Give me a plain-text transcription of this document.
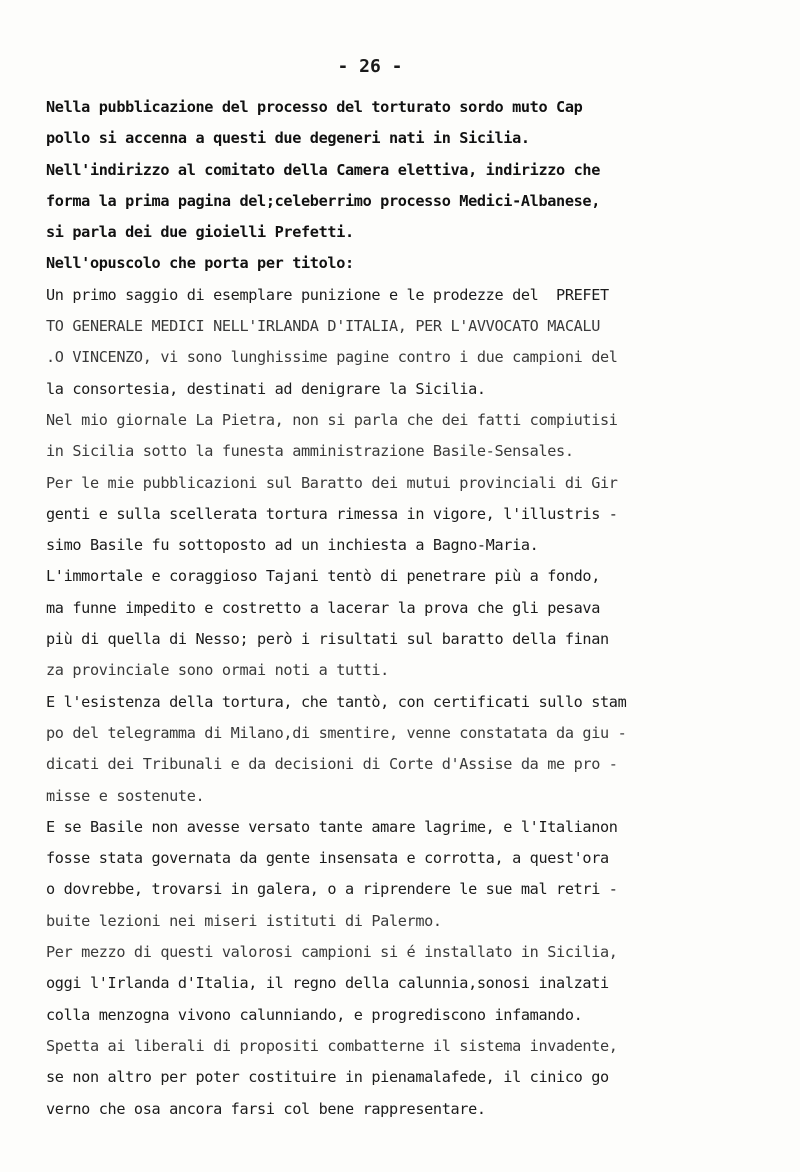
- 26 -
Nella pubblicazione del processo del torturato sordo muto Cap
pollo si accenna a questi due degeneri nati in Sicilia.
Nell'indirizzo al comitato della Camera elettiva, indirizzo che
forma la prima pagina del;celeberrimo processo Medici-Albanese,
si parla dei due gioielli Prefetti.
Nell'opuscolo che porta per titolo:
Un primo saggio di esemplare punizione e le prodezze del  PREFET
TO GENERALE MEDICI NELL'IRLANDA D'ITALIA, PER L'AVVOCATO MACALU
.O VINCENZO, vi sono lunghissime pagine contro i due campioni del
la consortesia, destinati ad denigrare la Sicilia.
Nel mio giornale La Pietra, non si parla che dei fatti compiutisi
in Sicilia sotto la funesta amministrazione Basile-Sensales.
Per le mie pubblicazioni sul Baratto dei mutui provinciali di Gir
genti e sulla scellerata tortura rimessa in vigore, l'illustris -
simo Basile fu sottoposto ad un inchiesta a Bagno-Maria.
L'immortale e coraggioso Tajani tentò di penetrare più a fondo,
ma funne impedito e costretto a lacerar la prova che gli pesava
più di quella di Nesso; però i risultati sul baratto della finan
za provinciale sono ormai noti a tutti.
E l'esistenza della tortura, che tantò, con certificati sullo stam
po del telegramma di Milano,di smentire, venne constatata da giu -
dicati dei Tribunali e da decisioni di Corte d'Assise da me pro -
misse e sostenute.
E se Basile non avesse versato tante amare lagrime, e l'Italianon
fosse stata governata da gente insensata e corrotta, a quest'ora
o dovrebbe, trovarsi in galera, o a riprendere le sue mal retri -
buite lezioni nei miseri istituti di Palermo.
Per mezzo di questi valorosi campioni si é installato in Sicilia,
oggi l'Irlanda d'Italia, il regno della calunnia,sonosi inalzati
colla menzogna vivono calunniando, e progrediscono infamando.
Spetta ai liberali di propositi combatterne il sistema invadente,
se non altro per poter costituire in pienamalafede, il cinico go
verno che osa ancora farsi col bene rappresentare.
